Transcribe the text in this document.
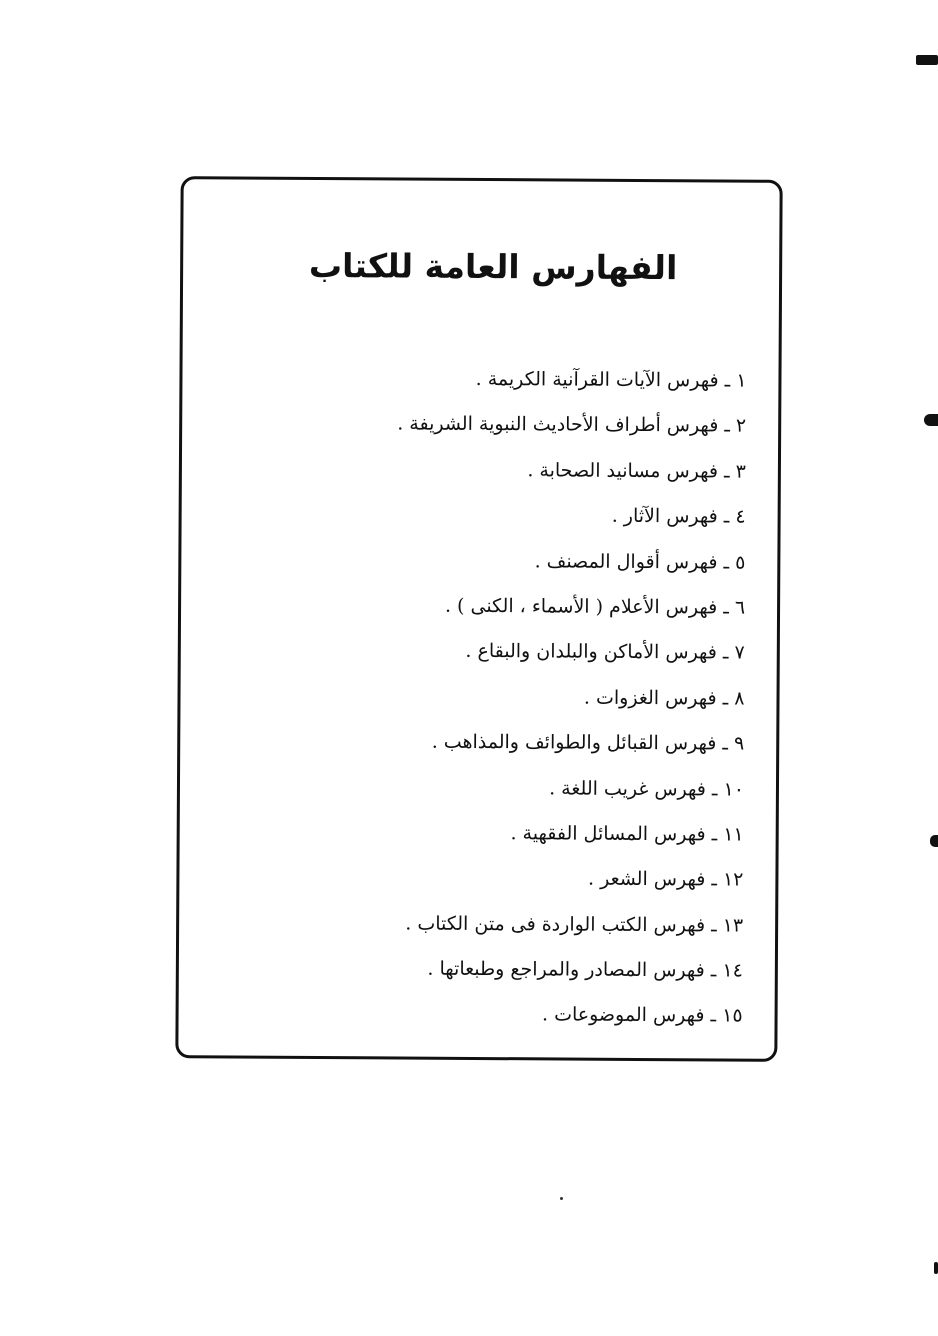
الفهارس العامة للكتاب
١ ـ فهرس الآيات القرآنية الكريمة .
٢ ـ فهرس أطراف الأحاديث النبوية الشريفة .
٣ ـ فهرس مسانيد الصحابة .
٤ ـ فهرس الآثار .
٥ ـ فهرس أقوال المصنف .
٦ ـ فهرس الأعلام ( الأسماء ، الكنى ) .
٧ ـ فهرس الأماكن والبلدان والبقاع .
٨ ـ فهرس الغزوات .
٩ ـ فهرس القبائل والطوائف والمذاهب .
١٠ ـ فهرس غريب اللغة .
١١ ـ فهرس المسائل الفقهية .
١٢ ـ فهرس الشعر .
١٣ ـ فهرس الكتب الواردة فى متن الكتاب .
١٤ ـ فهرس المصادر والمراجع وطبعاتها .
١٥ ـ فهرس الموضوعات .
